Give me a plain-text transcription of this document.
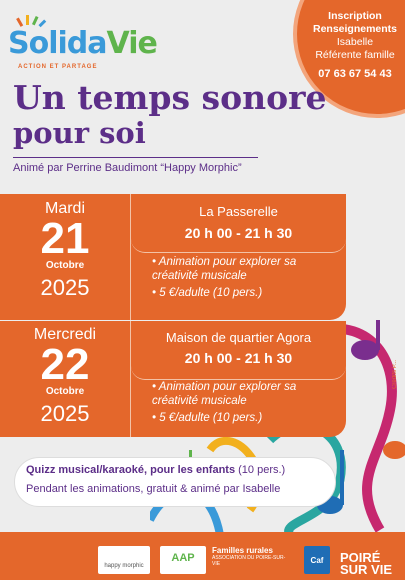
SolidaVie
ACTION ET PARTAGE
Inscription
Renseignements
Isabelle
Référente famille
07 63 67 54 43
Un temps sonore
pour soi
Animé par Perrine Baudimont “Happy Morphic”
Mardi
21
Octobre
2025
La Passerelle
20 h 00 - 21 h 30

• Animation pour explorer sa créativité musicale

• 5 €/adulte (10 pers.)

Mercredi
22
Octobre
2025
Maison de quartier Agora
20 h 00 - 21 h 30

• Animation pour explorer sa créativité musicale

• 5 €/adulte (10 pers.)

Crédits P...
Quizz musical/karaoké, pour les enfants (10 pers.)
Pendant les animations, gratuit & animé par Isabelle
happy morphic
AAP
Familles rurales
ASSOCIATION DU POIRE-SUR-VIE	Caf	POIRÉ
SUR VIE
